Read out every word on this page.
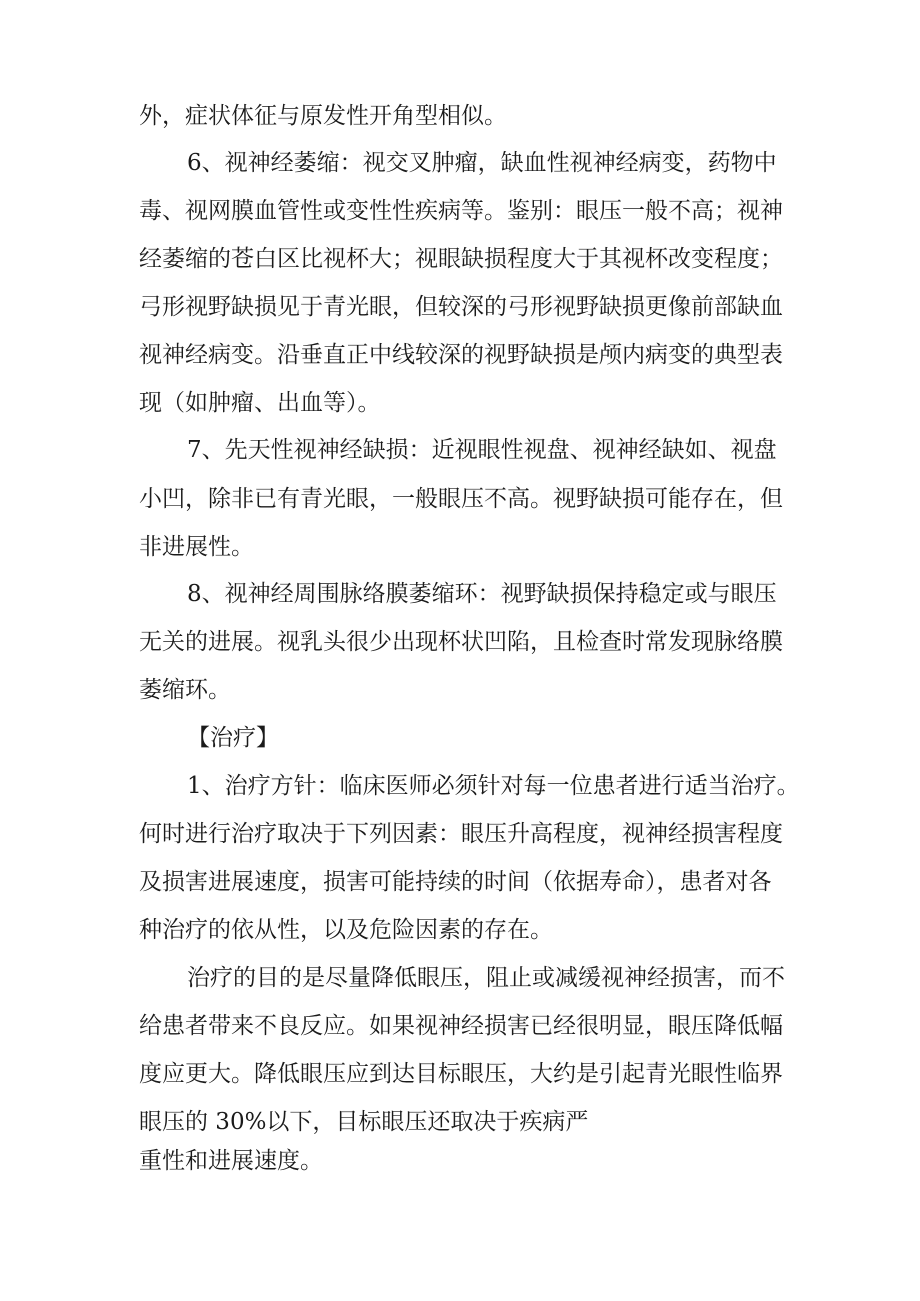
外，症状体征与原发性开角型相似。
6、视神经萎缩：视交叉肿瘤，缺血性视神经病变，药物中
毒、视网膜血管性或变性性疾病等。鉴别：眼压一般不高；视神
经萎缩的苍白区比视杯大；视眼缺损程度大于其视杯改变程度；
弓形视野缺损见于青光眼，但较深的弓形视野缺损更像前部缺血
视神经病变。沿垂直正中线较深的视野缺损是颅内病变的典型表
现（如肿瘤、出血等）。
7、先天性视神经缺损：近视眼性视盘、视神经缺如、视盘
小凹，除非已有青光眼，一般眼压不高。视野缺损可能存在，但
非进展性。
8、视神经周围脉络膜萎缩环：视野缺损保持稳定或与眼压
无关的进展。视乳头很少出现杯状凹陷，且检查时常发现脉络膜
萎缩环。
【治疗】
1、治疗方针：临床医师必须针对每一位患者进行适当治疗。
何时进行治疗取决于下列因素：眼压升高程度，视神经损害程度
及损害进展速度，损害可能持续的时间（依据寿命），患者对各
种治疗的依从性，以及危险因素的存在。
治疗的目的是尽量降低眼压，阻止或减缓视神经损害，而不
给患者带来不良反应。如果视神经损害已经很明显，眼压降低幅
度应更大。降低眼压应到达目标眼压，大约是引起青光眼性临界
眼压的 30%以下，目标眼压还取决于疾病严
重性和进展速度。
